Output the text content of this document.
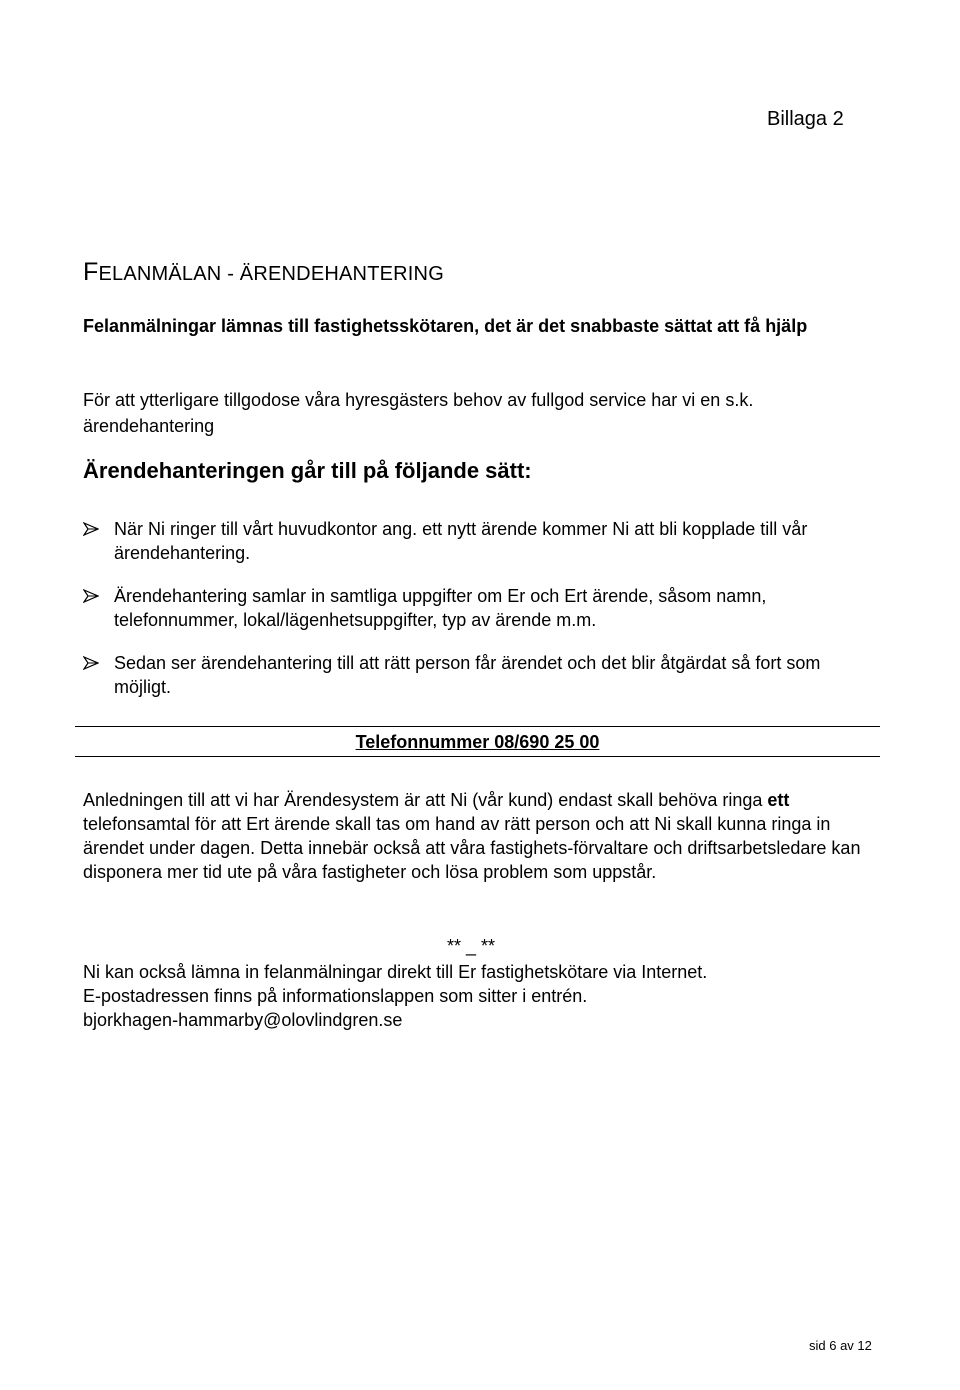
Billaga 2
FELANMÄLAN - ÄRENDEHANTERING

Felanmälningar lämnas till fastighetsskötaren, det är det snabbaste sättat att få hjälp

För att ytterligare tillgodose våra hyresgästers behov av fullgod service har vi en s.k. ärendehantering

Ärendehanteringen går till på följande sätt:
När Ni ringer till vårt huvudkontor ang. ett nytt ärende kommer Ni att bli kopplade till vår ärendehantering.
Ärendehantering samlar in samtliga uppgifter om Er och Ert ärende, såsom namn, telefonnummer, lokal/lägenhetsuppgifter, typ av ärende m.m.
Sedan ser ärendehantering till att rätt person får ärendet och det blir åtgärdat så fort som möjligt.
Telefonnummer 08/690 25 00

Anledningen till att vi har Ärendesystem är att Ni (vår kund) endast skall behöva ringa ett telefonsamtal för att Ert ärende skall tas om hand av rätt person och att Ni skall kunna ringa in ärendet under dagen. Detta innebär också att våra fastighets-förvaltare och driftsarbetsledare kan disponera mer tid ute på våra fastigheter och lösa problem som uppstår.

** _ **
Ni kan också lämna in felanmälningar direkt till Er fastighetskötare via Internet.
E-postadressen finns på informationslappen som sitter i entrén.
bjorkhagen-hammarby@olovlindgren.se
sid 6 av 12
